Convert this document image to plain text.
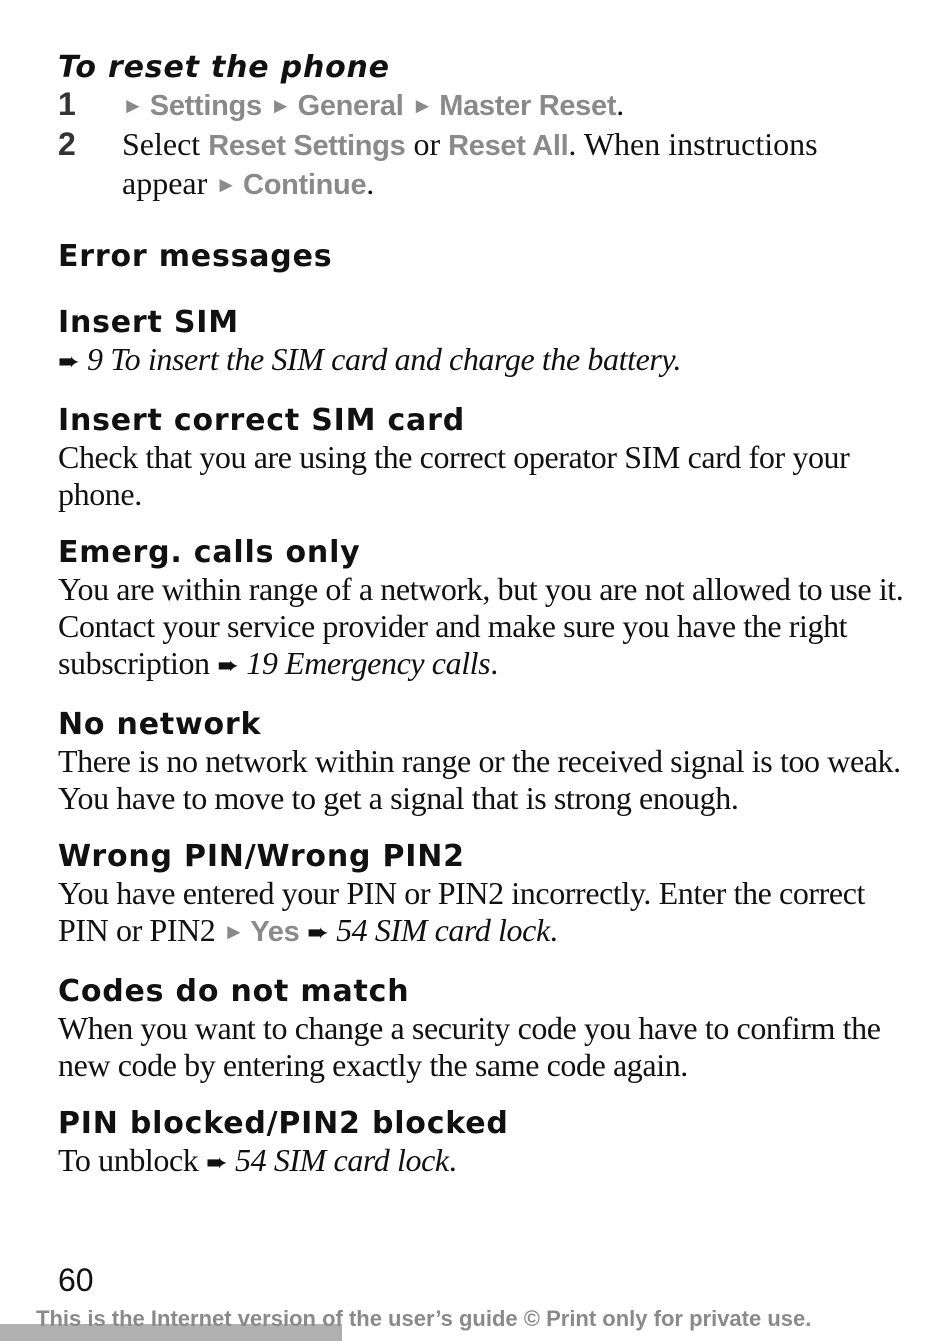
To reset the phone
1	► Settings ► General ► Master Reset.
2	Select Reset Settings or Reset All. When instructions appear ► Continue.
Error messages
Insert SIM

➨ 9 To insert the SIM card and charge the battery.

Insert correct SIM card

Check that you are using the correct operator SIM card for your phone.

Emerg. calls only

You are within range of a network, but you are not allowed to use it. Contact your service provider and make sure you have the right subscription ➨ 19 Emergency calls.

No network

There is no network within range or the received signal is too weak. You have to move to get a signal that is strong enough.

Wrong PIN/Wrong PIN2

You have entered your PIN or PIN2 incorrectly. Enter the correct PIN or PIN2 ► Yes ➨ 54 SIM card lock.

Codes do not match

When you want to change a security code you have to confirm the new code by entering exactly the same code again.

PIN blocked/PIN2 blocked

To unblock ➨ 54 SIM card lock.

60
This is the Internet version of the user’s guide © Print only for private use.
